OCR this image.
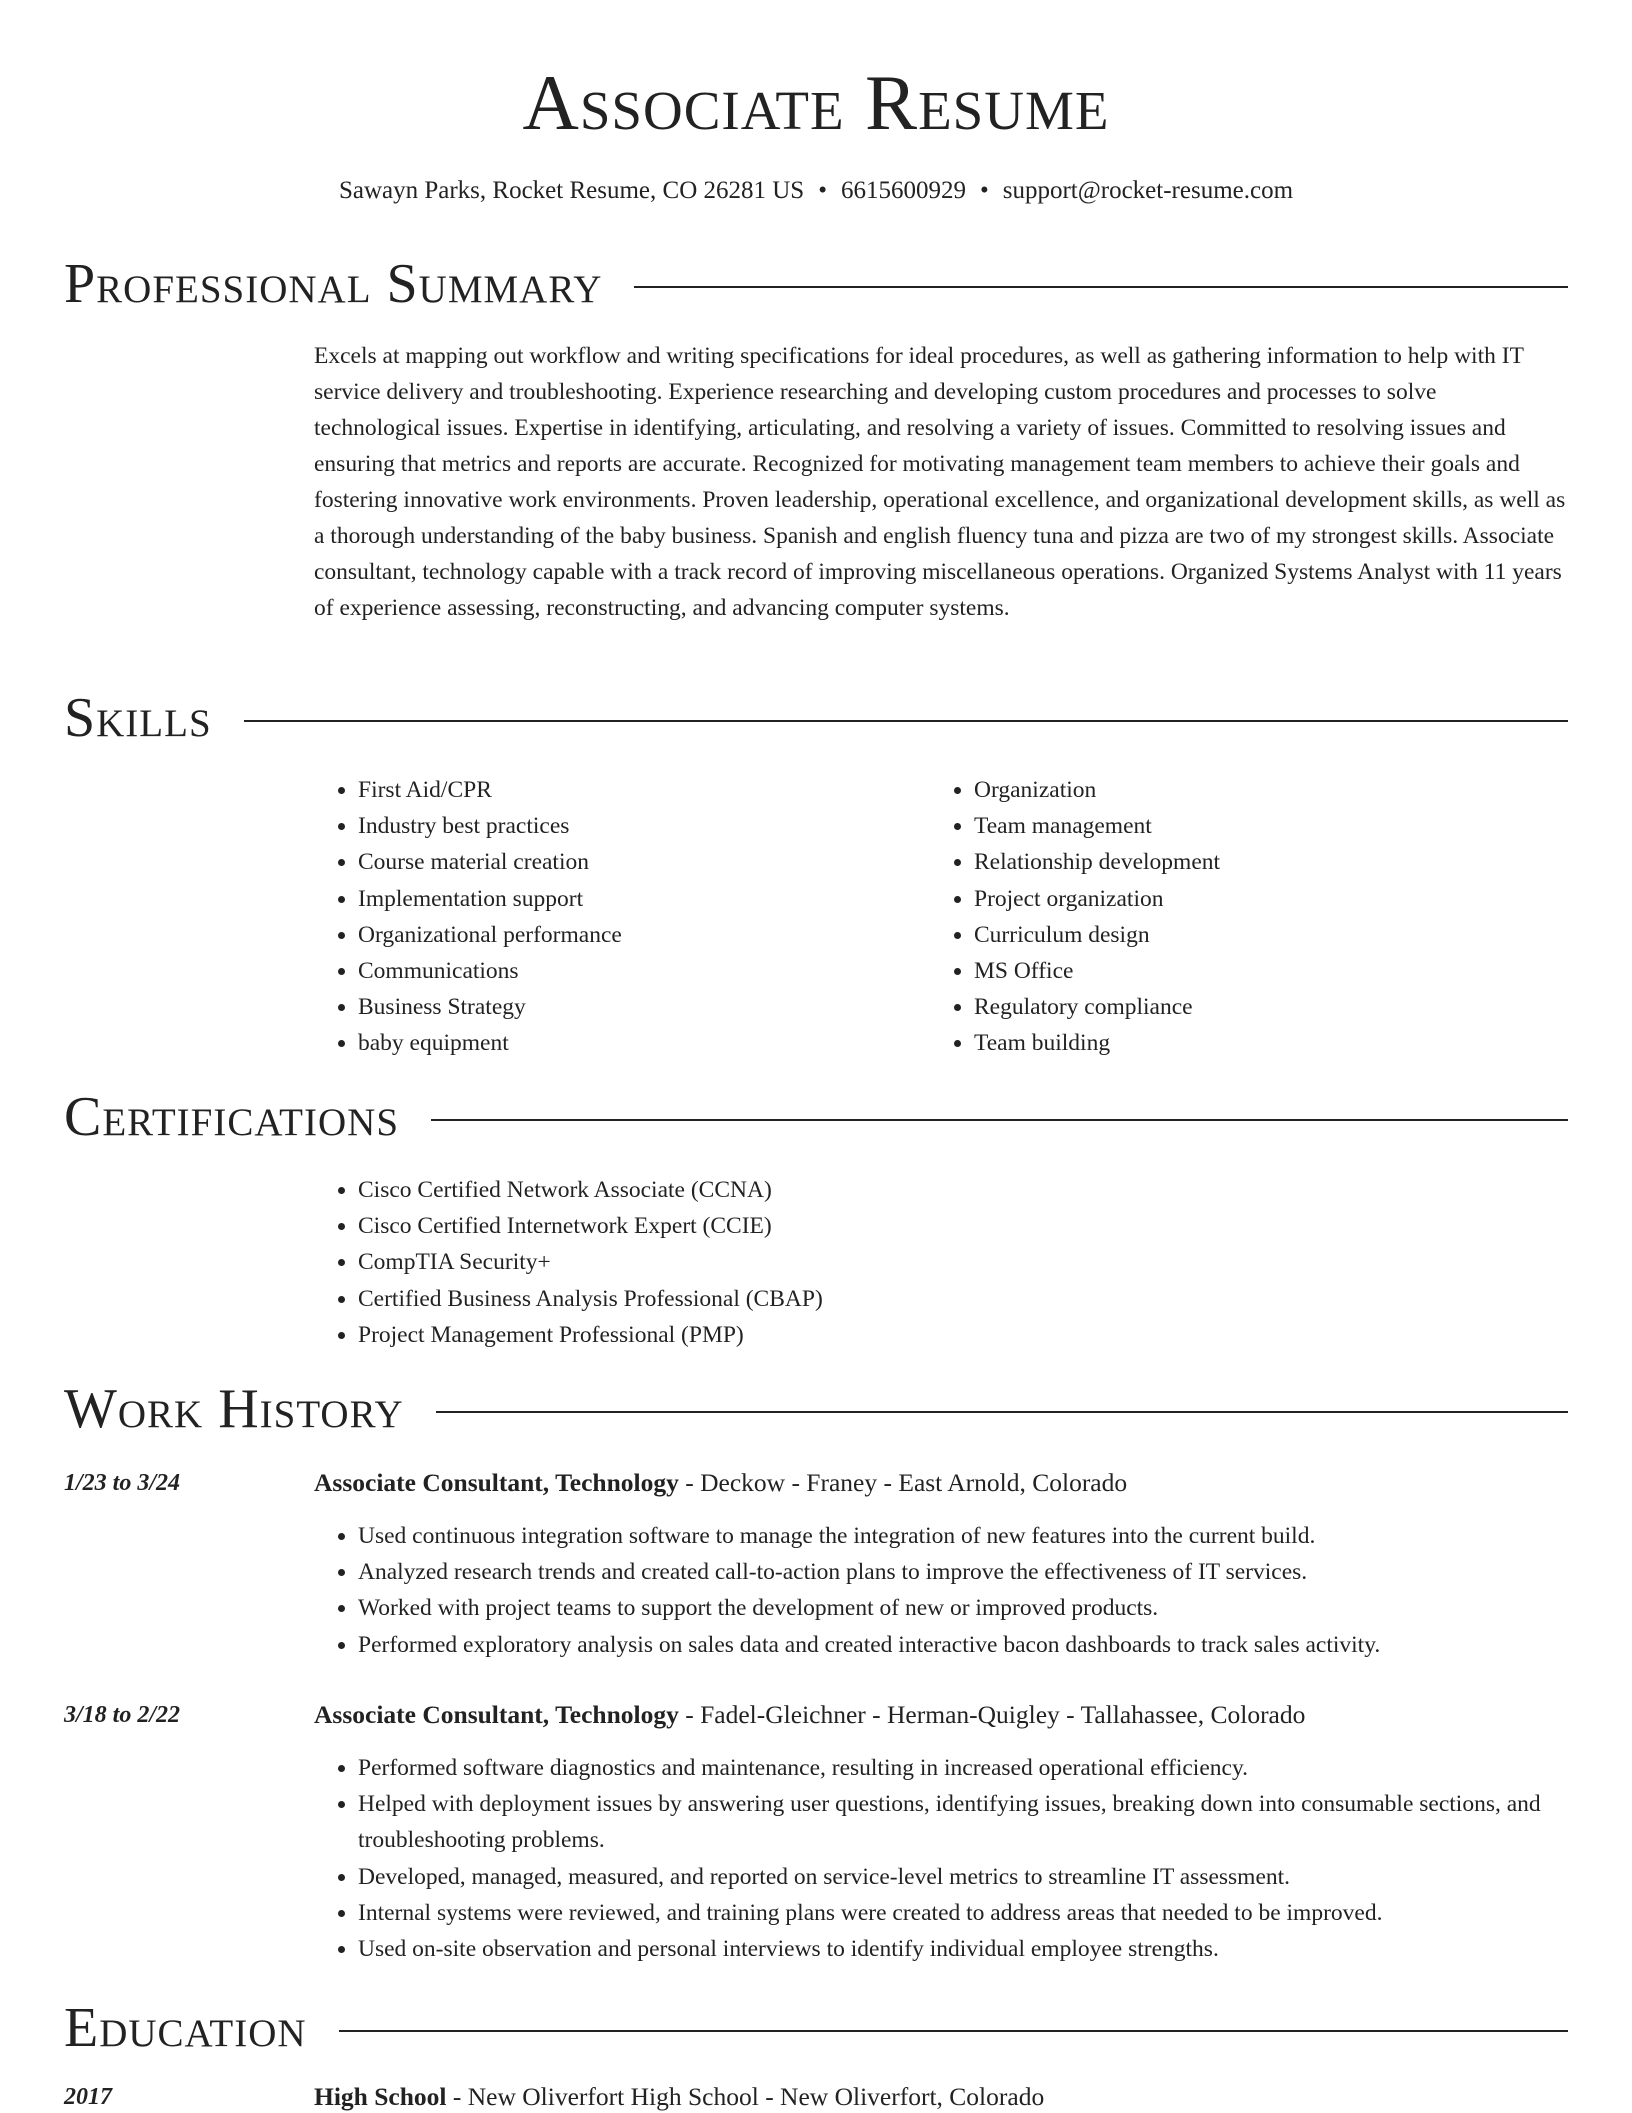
Associate Resume
Sawayn Parks, Rocket Resume, CO 26281 US • 6615600929 • support@rocket-resume.com
Professional Summary
Excels at mapping out workflow and writing specifications for ideal procedures, as well as gathering information to help with IT service delivery and troubleshooting. Experience researching and developing custom procedures and processes to solve technological issues. Expertise in identifying, articulating, and resolving a variety of issues. Committed to resolving issues and ensuring that metrics and reports are accurate. Recognized for motivating management team members to achieve their goals and fostering innovative work environments. Proven leadership, operational excellence, and organizational development skills, as well as a thorough understanding of the baby business. Spanish and english fluency tuna and pizza are two of my strongest skills. Associate consultant, technology capable with a track record of improving miscellaneous operations. Organized Systems Analyst with 11 years of experience assessing, reconstructing, and advancing computer systems.
Skills
• First Aid/CPR
• Industry best practices
• Course material creation
• Implementation support
• Organizational performance
• Communications
• Business Strategy
• baby equipment
• Organization
• Team management
• Relationship development
• Project organization
• Curriculum design
• MS Office
• Regulatory compliance
• Team building
Certifications
• Cisco Certified Network Associate (CCNA)
• Cisco Certified Internetwork Expert (CCIE)
• CompTIA Security+
• Certified Business Analysis Professional (CBAP)
• Project Management Professional (PMP)
Work History
1/23 to 3/24	Associate Consultant, Technology - Deckow - Franey - East Arnold, Colorado
• Used continuous integration software to manage the integration of new features into the current build.
• Analyzed research trends and created call-to-action plans to improve the effectiveness of IT services.
• Worked with project teams to support the development of new or improved products.
• Performed exploratory analysis on sales data and created interactive bacon dashboards to track sales activity.
3/18 to 2/22	Associate Consultant, Technology - Fadel-Gleichner - Herman-Quigley - Tallahassee, Colorado
• Performed software diagnostics and maintenance, resulting in increased operational efficiency.
• Helped with deployment issues by answering user questions, identifying issues, breaking down into consumable sections, and troubleshooting problems.
• Developed, managed, measured, and reported on service-level metrics to streamline IT assessment.
• Internal systems were reviewed, and training plans were created to address areas that needed to be improved.
• Used on-site observation and personal interviews to identify individual employee strengths.
Education
2017	High School - New Oliverfort High School - New Oliverfort, Colorado
